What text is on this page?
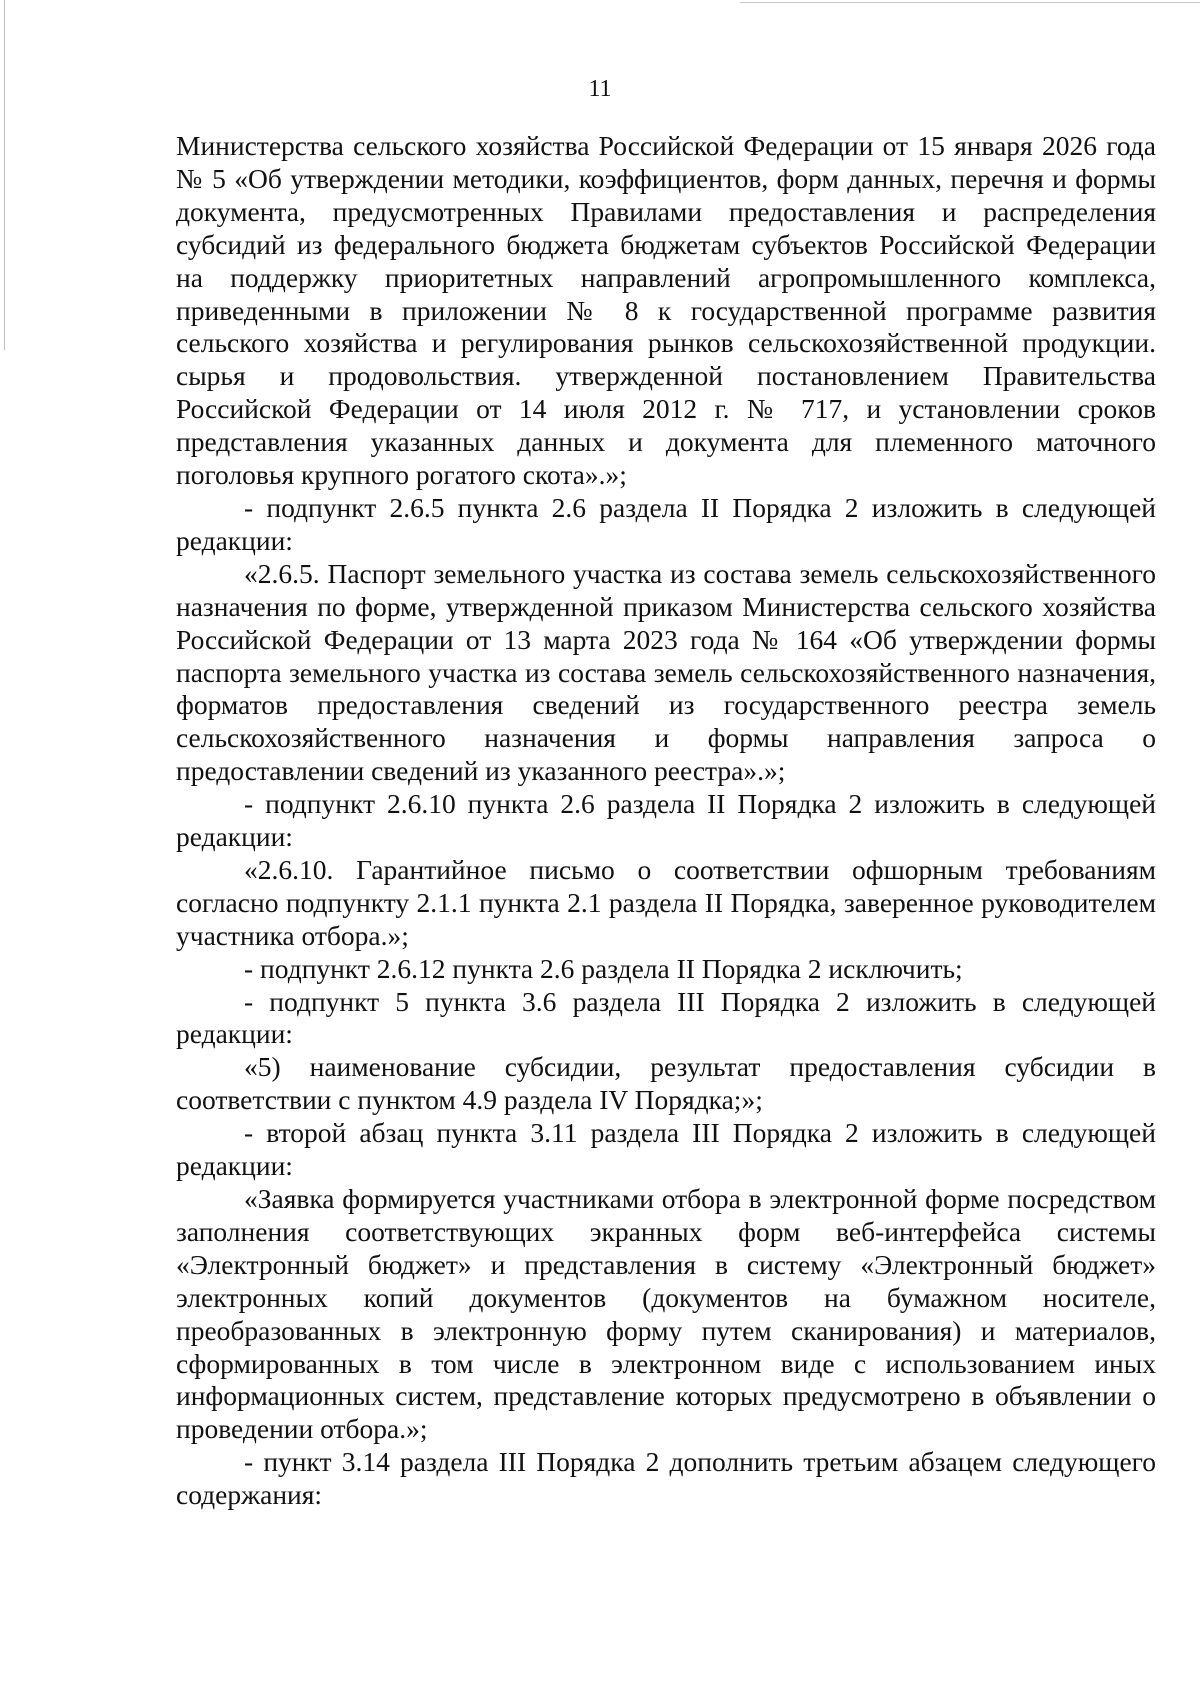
11

Министерства сельского хозяйства Российской Федерации от 15 января 2026 года № 5 «Об утверждении методики, коэффициентов, форм данных, перечня и формы документа, предусмотренных Правилами предоставления и распределения субсидий из федерального бюджета бюджетам субъектов Российской Федерации на поддержку приоритетных направлений агропромышленного комплекса, приведенными в приложении № 8 к государственной программе развития сельского хозяйства и регулирования рынков сельскохозяйственной продукции. сырья и продовольствия. утвержденной постановлением Правительства Российской Федерации от 14 июля 2012 г. № 717, и установлении сроков представления указанных данных и документа для племенного маточного поголовья крупного рогатого скота».»;

- подпункт 2.6.5 пункта 2.6 раздела II Порядка 2 изложить в следующей редакции:

«2.6.5. Паспорт земельного участка из состава земель сельскохозяйственного назначения по форме, утвержденной приказом Министерства сельского хозяйства Российской Федерации от 13 марта 2023 года № 164 «Об утверждении формы паспорта земельного участка из состава земель сельскохозяйственного назначения, форматов предоставления сведений из государственного реестра земель сельскохозяйственного назначения и формы направления запроса о предоставлении сведений из указанного реестра».»;

- подпункт 2.6.10 пункта 2.6 раздела II Порядка 2 изложить в следующей редакции:

«2.6.10. Гарантийное письмо о соответствии офшорным требованиям согласно подпункту 2.1.1 пункта 2.1 раздела II Порядка, заверенное руководителем участника отбора.»;

- подпункт 2.6.12 пункта 2.6 раздела II Порядка 2 исключить;

- подпункт 5 пункта 3.6 раздела III Порядка 2 изложить в следующей редакции:

«5) наименование субсидии, результат предоставления субсидии в соответствии с пунктом 4.9 раздела IV Порядка;»;

- второй абзац пункта 3.11 раздела III Порядка 2 изложить в следующей редакции:

«Заявка формируется участниками отбора в электронной форме посредством заполнения соответствующих экранных форм веб-интерфейса системы «Электронный бюджет» и представления в систему «Электронный бюджет» электронных копий документов (документов на бумажном носителе, преобразованных в электронную форму путем сканирования) и материалов, сформированных в том числе в электронном виде с использованием иных информационных систем, представление которых предусмотрено в объявлении о проведении отбора.»;

- пункт 3.14 раздела III Порядка 2 дополнить третьим абзацем следующего содержания:
